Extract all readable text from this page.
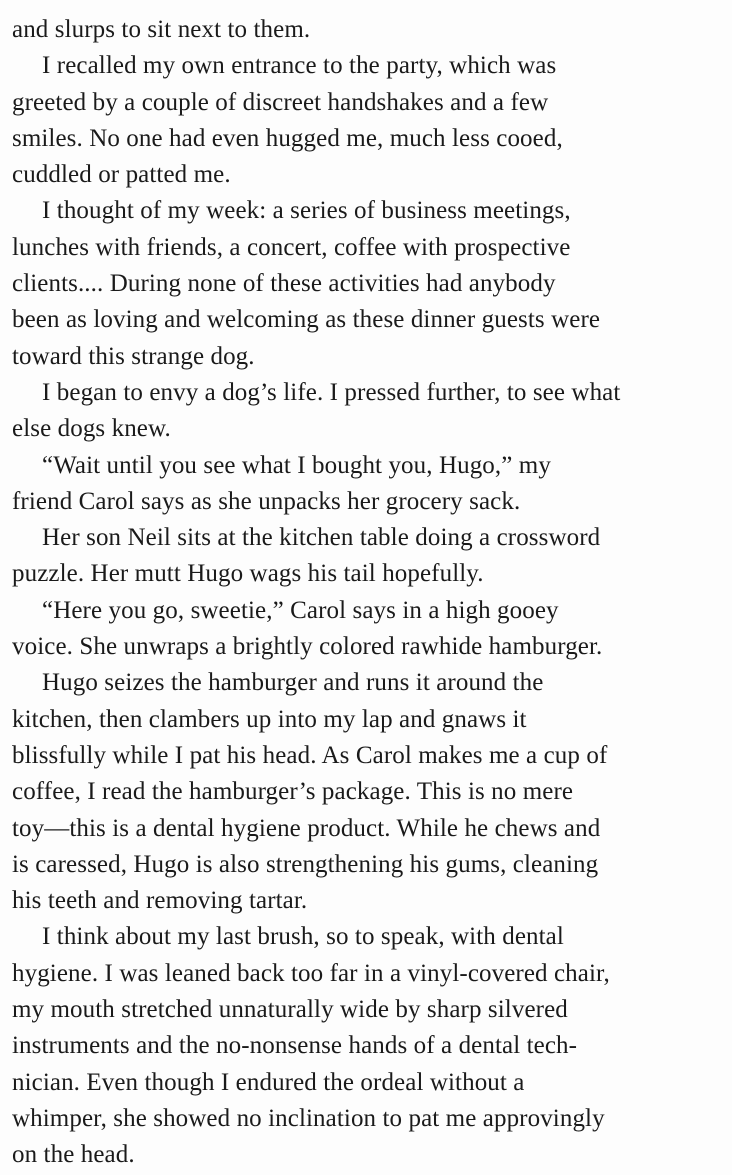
and slurps to sit next to them.
I recalled my own entrance to the party, which was
greeted by a couple of discreet handshakes and a few
smiles. No one had even hugged me, much less cooed,
cuddled or patted me.
I thought of my week: a series of business meetings,
lunches with friends, a concert, coffee with prospective
clients.... During none of these activities had anybody
been as loving and welcoming as these dinner guests were
toward this strange dog.
I began to envy a dog’s life. I pressed further, to see what
else dogs knew.
“Wait until you see what I bought you, Hugo,” my
friend Carol says as she unpacks her grocery sack.
Her son Neil sits at the kitchen table doing a crossword
puzzle. Her mutt Hugo wags his tail hopefully.
“Here you go, sweetie,” Carol says in a high gooey
voice. She unwraps a brightly colored rawhide hamburger.
Hugo seizes the hamburger and runs it around the
kitchen, then clambers up into my lap and gnaws it
blissfully while I pat his head. As Carol makes me a cup of
coffee, I read the hamburger’s package. This is no mere
toy—this is a dental hygiene product. While he chews and
is caressed, Hugo is also strengthening his gums, cleaning
his teeth and removing tartar.
I think about my last brush, so to speak, with dental
hygiene. I was leaned back too far in a vinyl-covered chair,
my mouth stretched unnaturally wide by sharp silvered
instruments and the no-nonsense hands of a dental tech-
nician. Even though I endured the ordeal without a
whimper, she showed no inclination to pat me approvingly
on the head.
